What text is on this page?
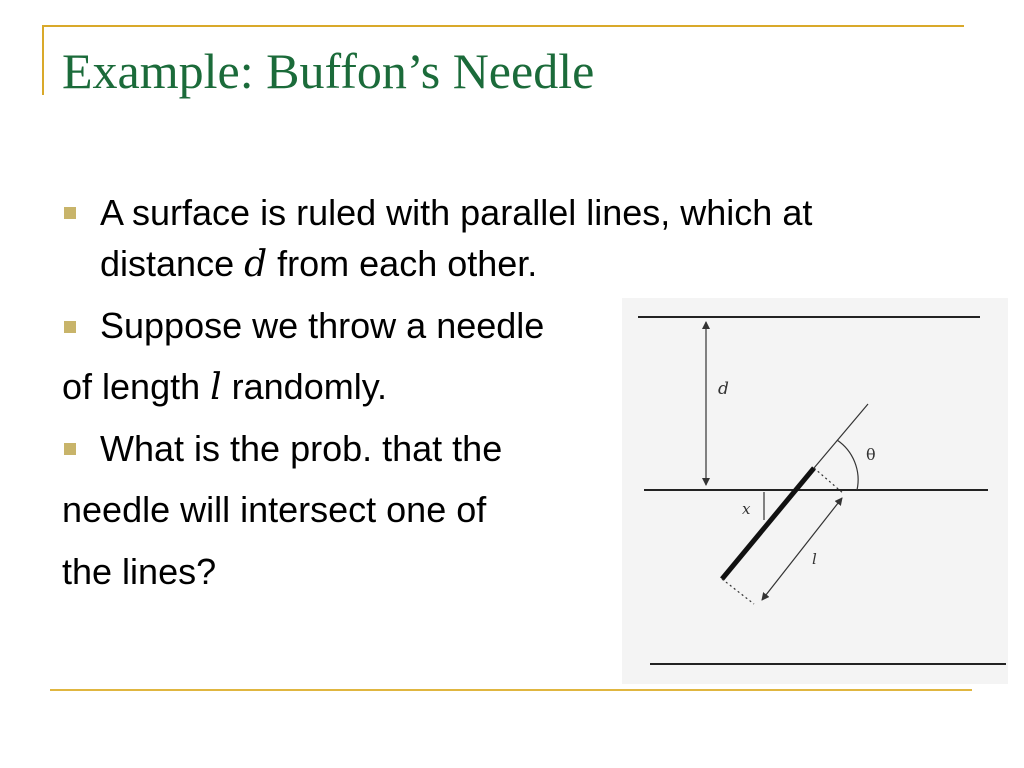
Example: Buffon’s Needle
A surface is ruled with parallel lines, which at
distance d from each other.
Suppose we throw a needle
of length l randomly.
What is the prob. that the
needle will intersect one of
the lines?
d
θ
x
l
